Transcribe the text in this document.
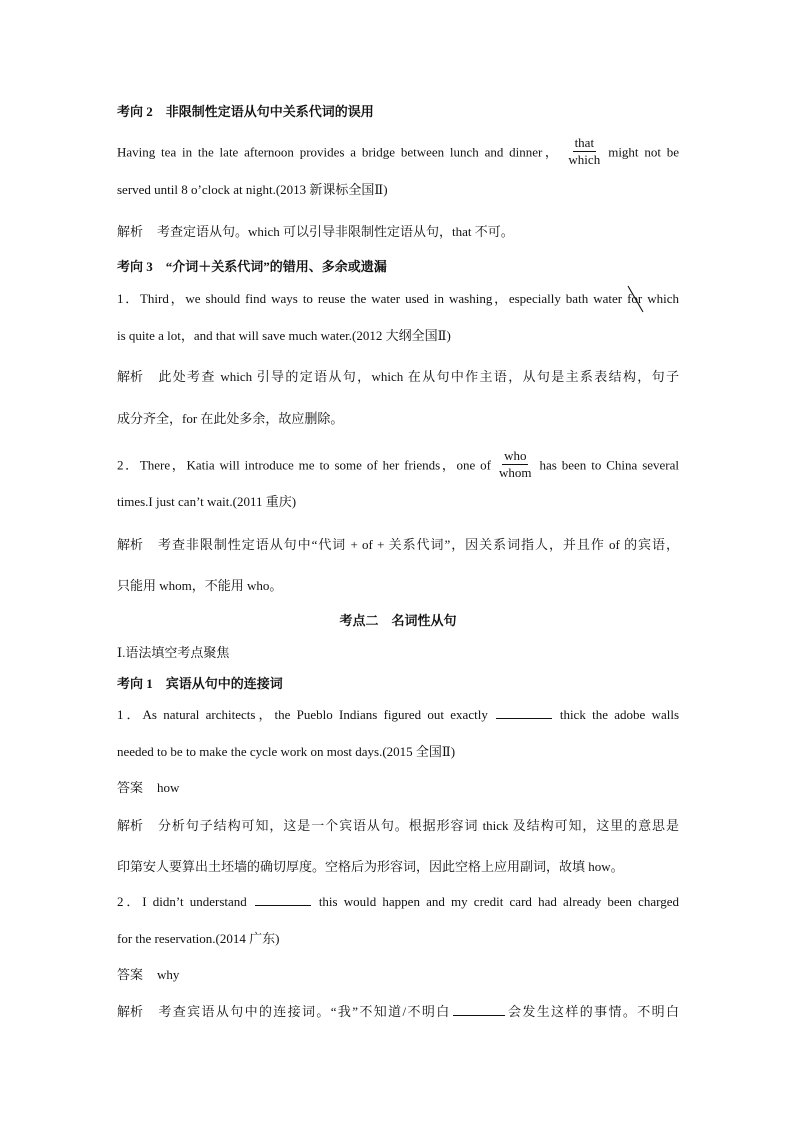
考向 2　非限制性定语从句中关系代词的误用
Having tea in the late afternoon provides a bridge between lunch and dinner， $\frac{\text{that}}{\text{which}}$ might not be
served until 8 o’clock at night.(2013 新课标全国Ⅱ)
解析 考查定语从句。which 可以引导非限制性定语从句，that 不可。
考向 3　“介词＋关系代词”的错用、多余或遗漏
1．Third，we should find ways to reuse the water used in washing，especially bath water for
which
is quite a lot，and that will save much water.(2012 大纲全国Ⅱ)
解析 此处考查 which 引导的定语从句，which 在从句中作主语，从句是主系表结构，句子
成分齐全，for 在此处多余，故应删除。
2．There，Katia will introduce me to some of her friends，one of $\frac{\text{who}}{\text{whom}}$ has been to China several
times.I just can’t wait.(2011 重庆)
解析 考查非限制性定语从句中“代词 + of + 关系代词”，因关系词指人，并且作 of 的宾语，
只能用 whom，不能用 who。
考点二　名词性从句
Ⅰ.语法填空考点聚焦
考向 1　宾语从句中的连接词
1．As natural architects，the Pueblo Indians figured out exactly	thick the adobe walls
needed to be to make the cycle work on most days.(2015 全国Ⅱ)
答案 how
解析 分析句子结构可知，这是一个宾语从句。根据形容词 thick 及结构可知，这里的意思是
印第安人要算出土坯墙的确切厚度。空格后为形容词，因此空格上应用副词，故填 how。
2．I didn’t understand	this would happen and my credit card had already been charged
for the reservation.(2014 广东)
答案 why
解析 考查宾语从句中的连接词。“我”不知道/不明白	会发生这样的事情。不明白
